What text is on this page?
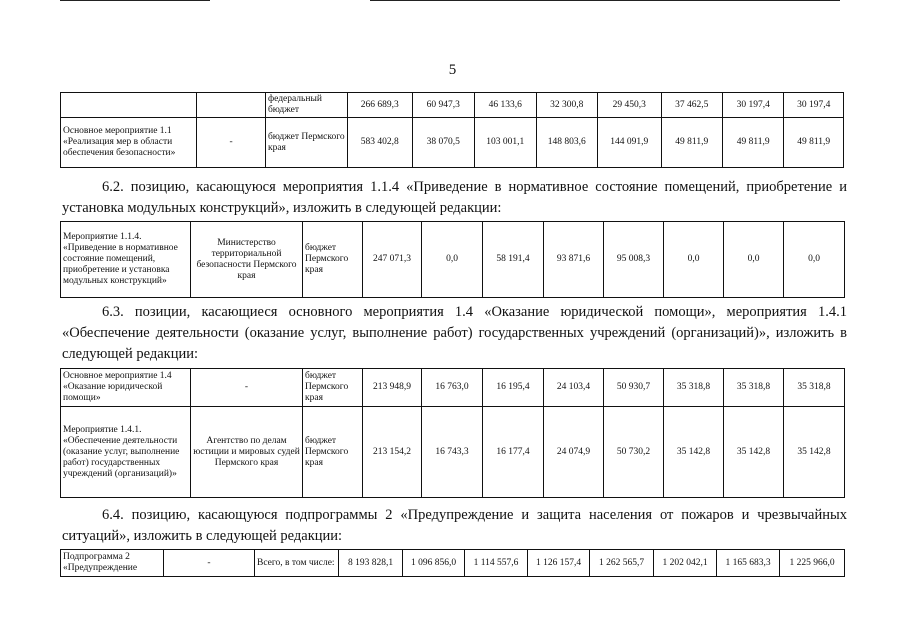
5
		федеральный бюджет	266 689,3	60 947,3	46 133,6	32 300,8	29 450,3	37 462,5	30 197,4	30 197,4
Основное мероприятие 1.1 «Реализация мер в области обеспечения безопасности»	-	бюджет Пермского края	583 402,8	38 070,5	103 001,1	148 803,6	144 091,9	49 811,9	49 811,9	49 811,9
6.2. позицию, касающуюся мероприятия 1.1.4 «Приведение в нормативное состояние помещений, приобретение и установка модульных конструкций», изложить в следующей редакции:
Мероприятие 1.1.4. «Приведение в нормативное состояние помещений, приобретение и установка модульных конструкций»	Министерство территориальной безопасности Пермского края	бюджет Пермского края	247 071,3	0,0	58 191,4	93 871,6	95 008,3	0,0	0,0	0,0
6.3. позиции, касающиеся основного мероприятия 1.4 «Оказание юридической помощи», мероприятия 1.4.1 «Обеспечение деятельности (оказание услуг, выполнение работ) государственных учреждений (организаций)», изложить в следующей редакции:
Основное мероприятие 1.4 «Оказание юридической помощи»	-	бюджет Пермского края	213 948,9	16 763,0	16 195,4	24 103,4	50 930,7	35 318,8	35 318,8	35 318,8
Мероприятие 1.4.1. «Обеспечение деятельности (оказание услуг, выполнение работ) государственных учреждений (организаций)»	Агентство по делам юстиции и мировых судей Пермского края	бюджет Пермского края	213 154,2	16 743,3	16 177,4	24 074,9	50 730,2	35 142,8	35 142,8	35 142,8
6.4. позицию, касающуюся подпрограммы 2 «Предупреждение и защита населения от пожаров и чрезвычайных ситуаций», изложить в следующей редакции:
Подпрограмма 2 «Предупреждение	-	Всего, в том числе:	8 193 828,1	1 096 856,0	1 114 557,6	1 126 157,4	1 262 565,7	1 202 042,1	1 165 683,3	1 225 966,0
